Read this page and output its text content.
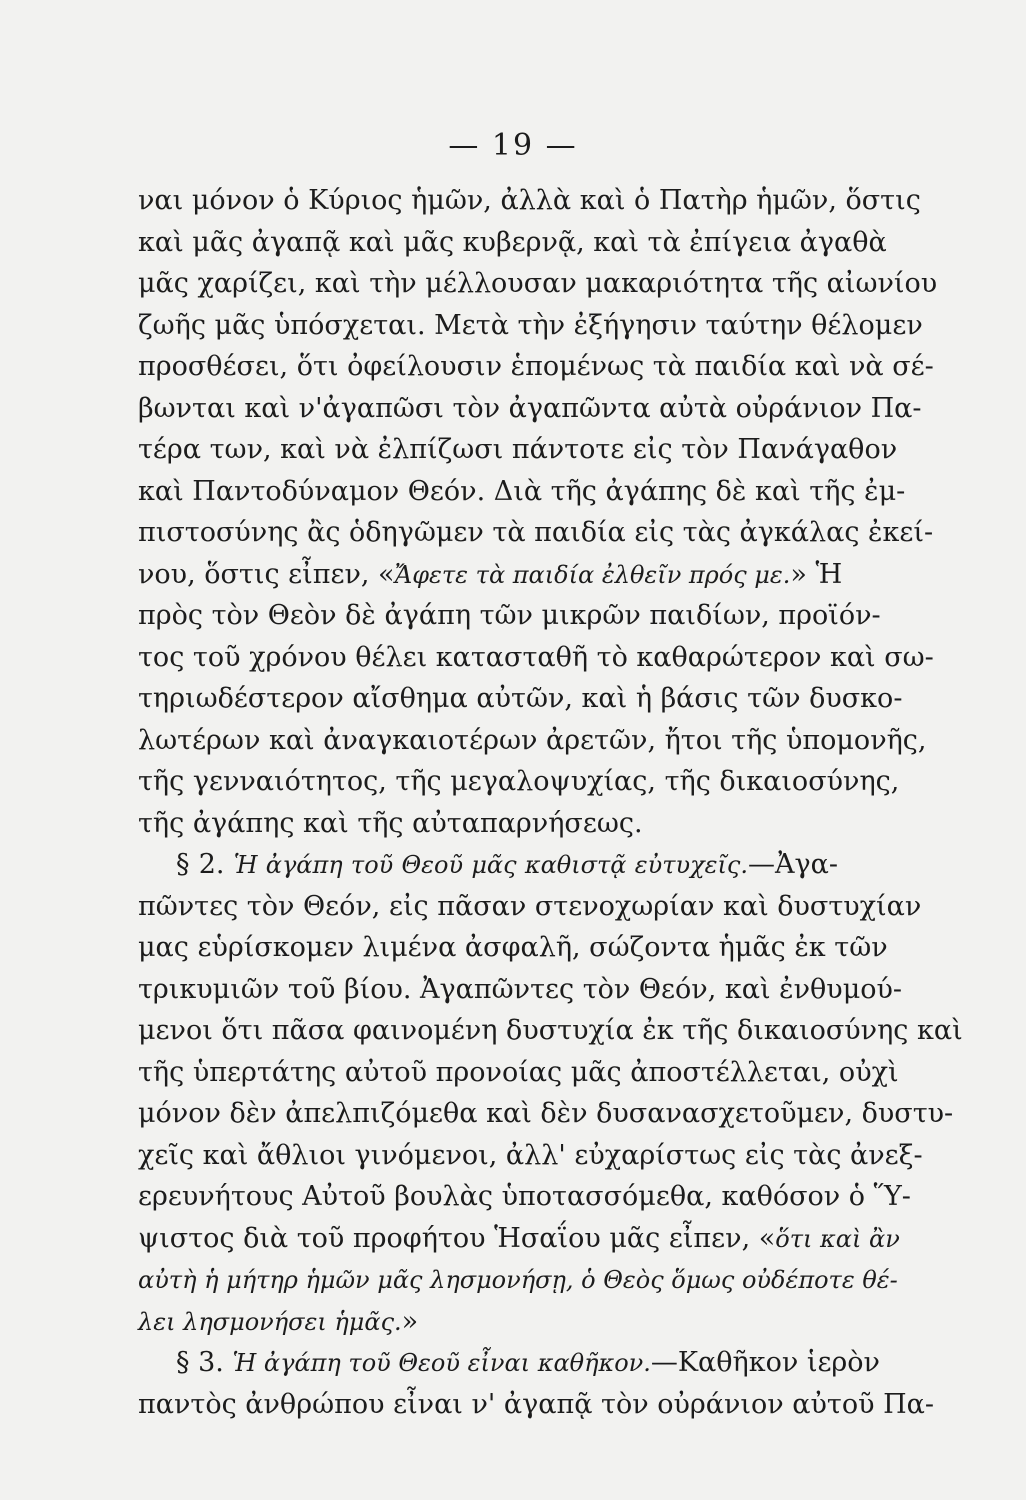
— 19 —
ναι μόνον ὁ Κύριος ἡμῶν, ἀλλὰ καὶ ὁ Πατὴρ ἡμῶν, ὅστις
καὶ μᾶς ἀγαπᾷ καὶ μᾶς κυβερνᾷ, καὶ τὰ ἐπίγεια ἀγαθὰ
μᾶς χαρίζει, καὶ τὴν μέλλουσαν μακαριότητα τῆς αἰωνίου
ζωῆς μᾶς ὑπόσχεται. Μετὰ τὴν ἐξήγησιν ταύτην θέλομεν
προσθέσει, ὅτι ὀφείλουσιν ἑπομένως τὰ παιδία καὶ νὰ σέ-
βωνται καὶ ν'ἀγαπῶσι τὸν ἀγαπῶντα αὐτὰ οὐράνιον Πα-
τέρα των, καὶ νὰ ἐλπίζωσι πάντοτε εἰς τὸν Πανάγαθον
καὶ Παντοδύναμον Θεόν. Διὰ τῆς ἀγάπης δὲ καὶ τῆς ἐμ-
πιστοσύνης ἂς ὁδηγῶμεν τὰ παιδία εἰς τὰς ἀγκάλας ἐκεί-
νου, ὅστις εἶπεν, «Ἄφετε τὰ παιδία ἐλθεῖν πρός με.» Ἡ
πρὸς τὸν Θεὸν δὲ ἀγάπη τῶν μικρῶν παιδίων, προϊόν-
τος τοῦ χρόνου θέλει κατασταθῆ τὸ καθαρώτερον καὶ σω-
τηριωδέστερον αἴσθημα αὐτῶν, καὶ ἡ βάσις τῶν δυσκο-
λωτέρων καὶ ἀναγκαιοτέρων ἀρετῶν, ἤτοι τῆς ὑπομονῆς,
τῆς γενναιότητος, τῆς μεγαλοψυχίας, τῆς δικαιοσύνης,
τῆς ἀγάπης καὶ τῆς αὐταπαρνήσεως.
§ 2. Ἡ ἀγάπη τοῦ Θεοῦ μᾶς καθιστᾷ εὐτυχεῖς.—Ἀγα-
πῶντες τὸν Θεόν, εἰς πᾶσαν στενοχωρίαν καὶ δυστυχίαν
μας εὑρίσκομεν λιμένα ἀσφαλῆ, σώζοντα ἡμᾶς ἐκ τῶν
τρικυμιῶν τοῦ βίου. Ἀγαπῶντες τὸν Θεόν, καὶ ἐνθυμού-
μενοι ὅτι πᾶσα φαινομένη δυστυχία ἐκ τῆς δικαιοσύνης καὶ
τῆς ὑπερτάτης αὐτοῦ προνοίας μᾶς ἀποστέλλεται, οὐχὶ
μόνον δὲν ἀπελπιζόμεθα καὶ δὲν δυσανασχετοῦμεν, δυστυ-
χεῖς καὶ ἄθλιοι γινόμενοι, ἀλλ' εὐχαρίστως εἰς τὰς ἀνεξ-
ερευνήτους Αὐτοῦ βουλὰς ὑποτασσόμεθα, καθόσον ὁ Ὕ-
ψιστος διὰ τοῦ προφήτου Ἡσαΐου μᾶς εἶπεν, «ὅτι καὶ ἂν
αὐτὴ ἡ μήτηρ ἡμῶν μᾶς λησμονήσῃ, ὁ Θεὸς ὅμως οὐδέποτε θέ-
λει λησμονήσει ἡμᾶς.»
§ 3. Ἡ ἀγάπη τοῦ Θεοῦ εἶναι καθῆκον.—Καθῆκον ἱερὸν
παντὸς ἀνθρώπου εἶναι ν' ἀγαπᾷ τὸν οὐράνιον αὐτοῦ Πα-
